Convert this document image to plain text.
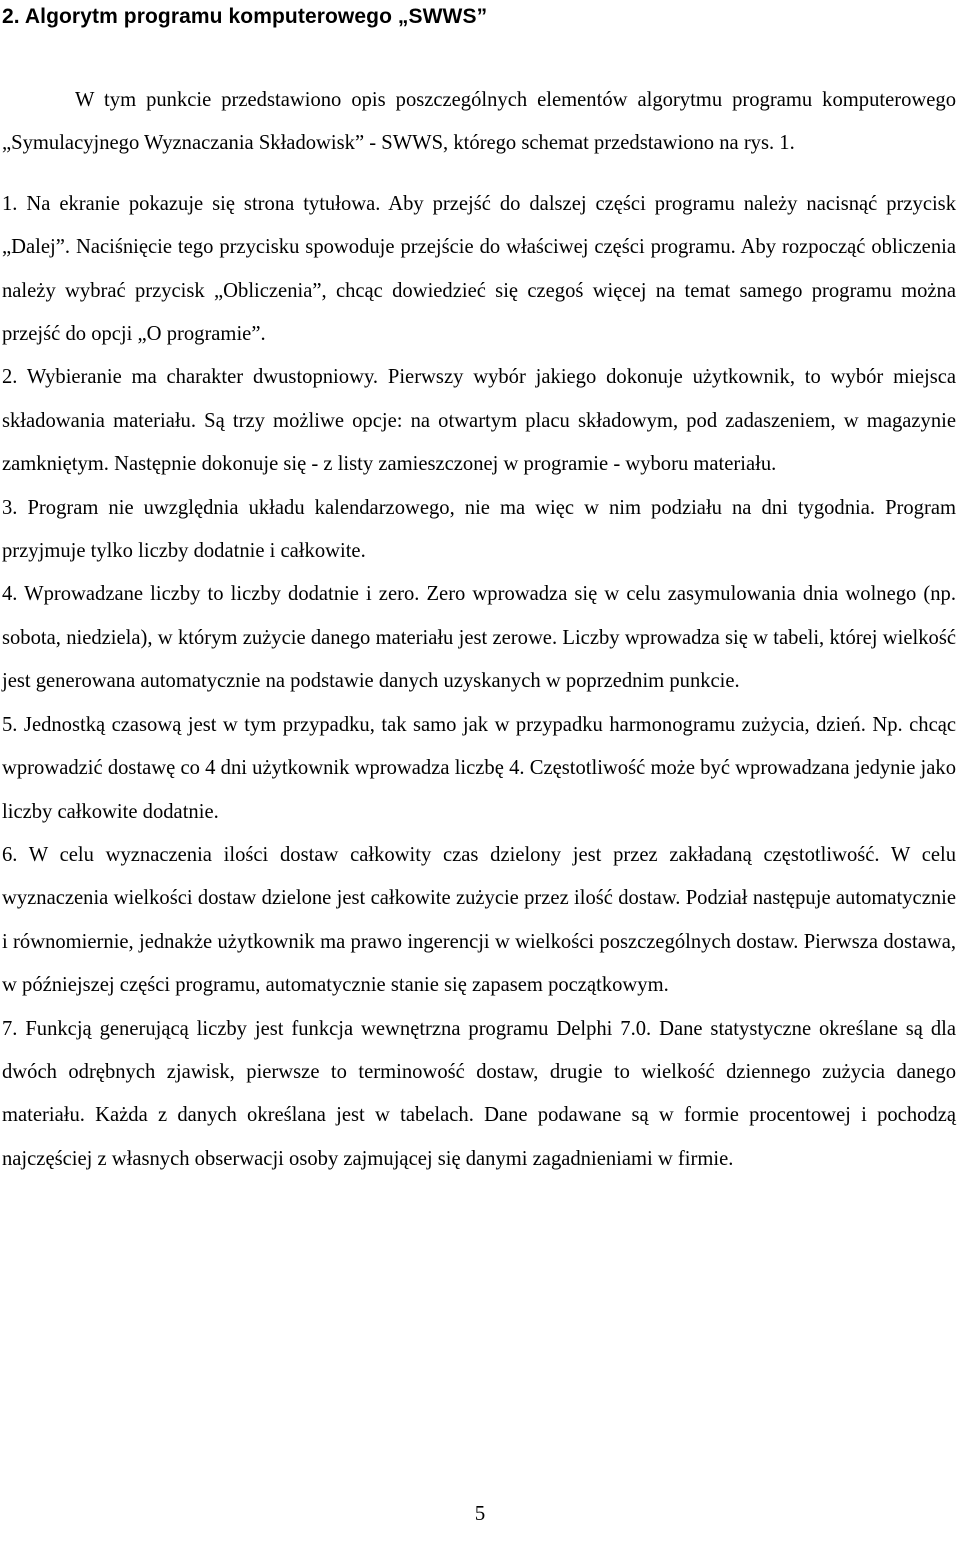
2. Algorytm programu komputerowego „SWWS”

W tym punkcie przedstawiono opis poszczególnych elementów algorytmu programu komputerowego „Symulacyjnego Wyznaczania Składowisk” - SWWS, którego schemat przedstawiono na rys. 1.

1. Na ekranie pokazuje się strona tytułowa. Aby przejść do dalszej części programu należy nacisnąć przycisk „Dalej”. Naciśnięcie tego przycisku spowoduje przejście do właściwej części programu. Aby rozpocząć obliczenia należy wybrać przycisk „Obliczenia”, chcąc dowiedzieć się czegoś więcej na temat samego programu można przejść do opcji „O programie”.

2. Wybieranie ma charakter dwustopniowy. Pierwszy wybór jakiego dokonuje użytkownik, to wybór miejsca składowania materiału. Są trzy możliwe opcje: na otwartym placu składowym, pod zadaszeniem, w magazynie zamkniętym. Następnie dokonuje się - z listy zamieszczonej w programie - wyboru materiału.

3. Program nie uwzględnia układu kalendarzowego, nie ma więc w nim podziału na dni tygodnia. Program przyjmuje tylko liczby dodatnie i całkowite.

4. Wprowadzane liczby to liczby dodatnie i zero. Zero wprowadza się w celu zasymulowania dnia wolnego (np. sobota, niedziela), w którym zużycie danego materiału jest zerowe. Liczby wprowadza się w tabeli, której wielkość jest generowana automatycznie na podstawie danych uzyskanych w poprzednim punkcie.

5. Jednostką czasową jest w tym przypadku, tak samo jak w przypadku harmonogramu zużycia, dzień. Np. chcąc wprowadzić dostawę co 4 dni użytkownik wprowadza liczbę 4. Częstotliwość może być wprowadzana jedynie jako liczby całkowite dodatnie.

6. W celu wyznaczenia ilości dostaw całkowity czas dzielony jest przez zakładaną częstotliwość. W celu wyznaczenia wielkości dostaw dzielone jest całkowite zużycie przez ilość dostaw. Podział następuje automatycznie i równomiernie, jednakże użytkownik ma prawo ingerencji w wielkości poszczególnych dostaw. Pierwsza dostawa, w późniejszej części programu, automatycznie stanie się zapasem początkowym.

7. Funkcją generującą liczby jest funkcja wewnętrzna programu Delphi 7.0. Dane statystyczne określane są dla dwóch odrębnych zjawisk, pierwsze to terminowość dostaw, drugie to wielkość dziennego zużycia danego materiału. Każda z danych określana jest w tabelach. Dane podawane są w formie procentowej i pochodzą najczęściej z własnych obserwacji osoby zajmującej się danymi zagadnieniami w firmie.

5
